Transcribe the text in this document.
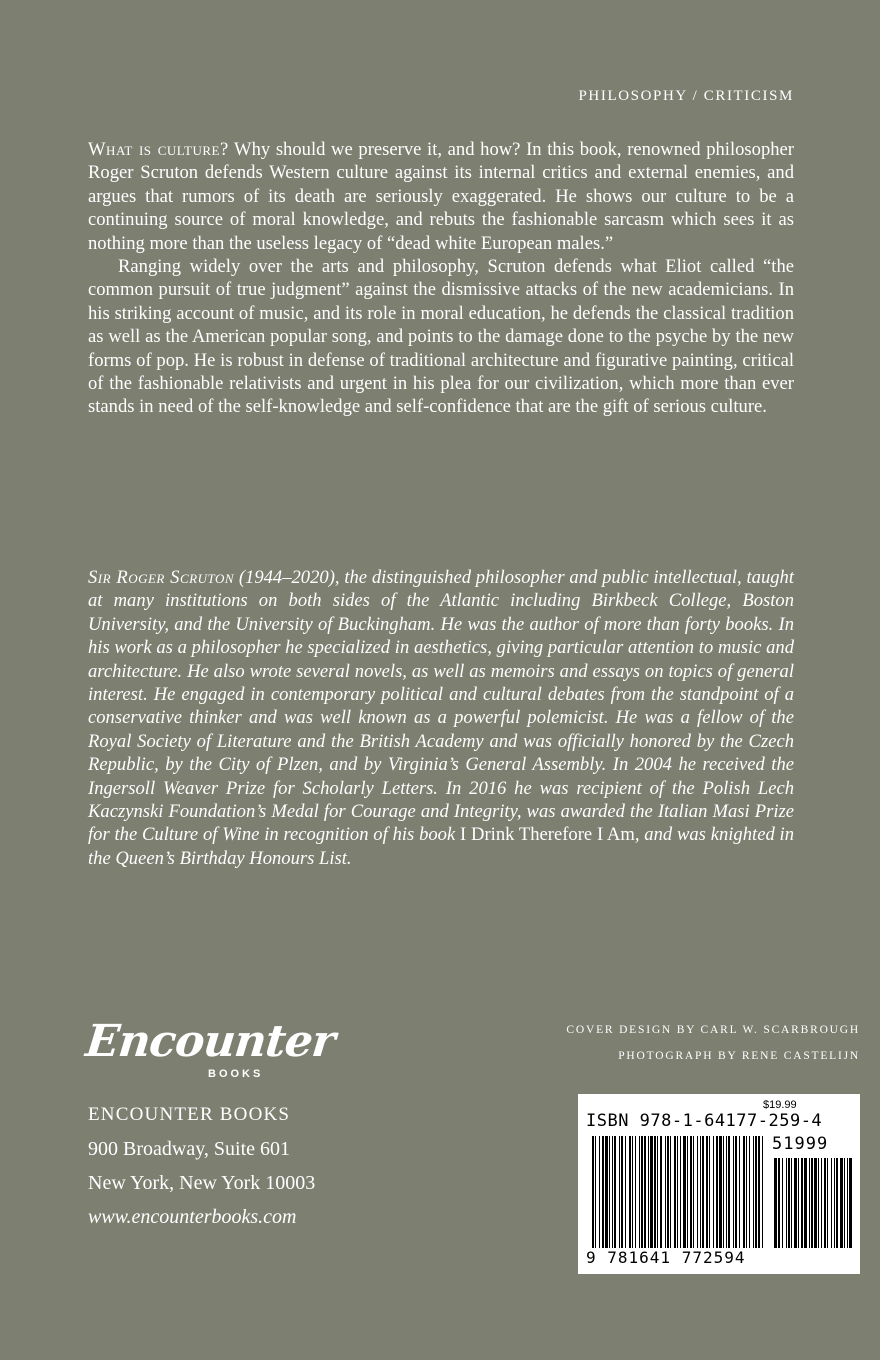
PHILOSOPHY / CRITICISM

What is culture? Why should we preserve it, and how? In this book, renowned philosopher Roger Scruton defends Western culture against its internal critics and external enemies, and argues that rumors of its death are seriously exaggerated. He shows our culture to be a continuing source of moral knowledge, and rebuts the fashionable sarcasm which sees it as nothing more than the useless legacy of “dead white European males.”

Ranging widely over the arts and philosophy, Scruton defends what Eliot called “the common pursuit of true judgment” against the dismissive attacks of the new academicians. In his striking account of music, and its role in moral education, he defends the classical tradition as well as the American popular song, and points to the damage done to the psyche by the new forms of pop. He is robust in defense of traditional architecture and figurative painting, critical of the fashionable relativists and urgent in his plea for our civilization, which more than ever stands in need of the self-knowledge and self-confidence that are the gift of serious culture.

Sir Roger Scruton (1944–2020), the distinguished philosopher and public intellectual, taught at many institutions on both sides of the Atlantic including Birkbeck College, Boston University, and the University of Buckingham. He was the author of more than forty books. In his work as a philosopher he specialized in aesthetics, giving particular attention to music and architecture. He also wrote several novels, as well as memoirs and essays on topics of general interest. He engaged in contemporary political and cultural debates from the standpoint of a conservative thinker and was well known as a powerful polemicist. He was a fellow of the Royal Society of Literature and the British Academy and was officially honored by the Czech Republic, by the City of Plzen, and by Virginia’s General Assembly. In 2004 he received the Ingersoll Weaver Prize for Scholarly Letters. In 2016 he was recipient of the Polish Lech Kaczynski Foundation’s Medal for Courage and Integrity, was awarded the Italian Masi Prize for the Culture of Wine in recognition of his book I Drink Therefore I Am, and was knighted in the Queen’s Birthday Honours List.

Encounter
BOOKS
ENCOUNTER BOOKS
900 Broadway, Suite 601
New York, New York 10003
www.encounterbooks.com
COVER DESIGN BY CARL W. SCARBROUGH
PHOTOGRAPH BY RENE CASTELIJN
$19.99
ISBN 978-1-64177-259-4
51999
9 781641 772594
